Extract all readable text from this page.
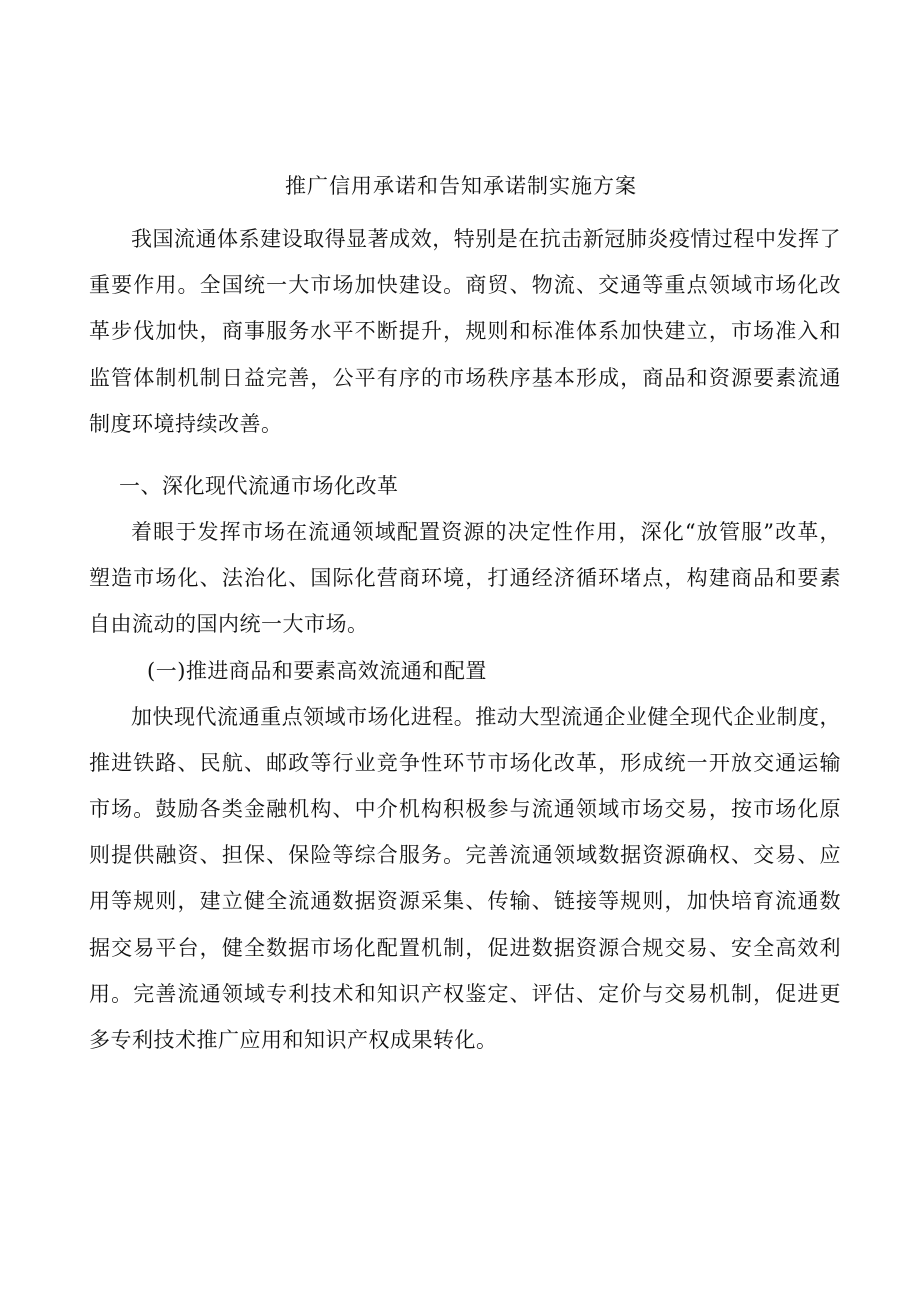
推广信用承诺和告知承诺制实施方案

我国流通体系建设取得显著成效，特别是在抗击新冠肺炎疫情过程中发挥了重要作用。全国统一大市场加快建设。商贸、物流、交通等重点领域市场化改革步伐加快，商事服务水平不断提升，规则和标准体系加快建立，市场准入和监管体制机制日益完善，公平有序的市场秩序基本形成，商品和资源要素流通制度环境持续改善。

一、深化现代流通市场化改革

着眼于发挥市场在流通领域配置资源的决定性作用，深化“放管服”改革，塑造市场化、法治化、国际化营商环境，打通经济循环堵点，构建商品和要素自由流动的国内统一大市场。

(一)推进商品和要素高效流通和配置

加快现代流通重点领域市场化进程。推动大型流通企业健全现代企业制度，推进铁路、民航、邮政等行业竞争性环节市场化改革，形成统一开放交通运输市场。鼓励各类金融机构、中介机构积极参与流通领域市场交易，按市场化原则提供融资、担保、保险等综合服务。完善流通领域数据资源确权、交易、应用等规则，建立健全流通数据资源采集、传输、链接等规则，加快培育流通数据交易平台，健全数据市场化配置机制，促进数据资源合规交易、安全高效利用。完善流通领域专利技术和知识产权鉴定、评估、定价与交易机制，促进更多专利技术推广应用和知识产权成果转化。
